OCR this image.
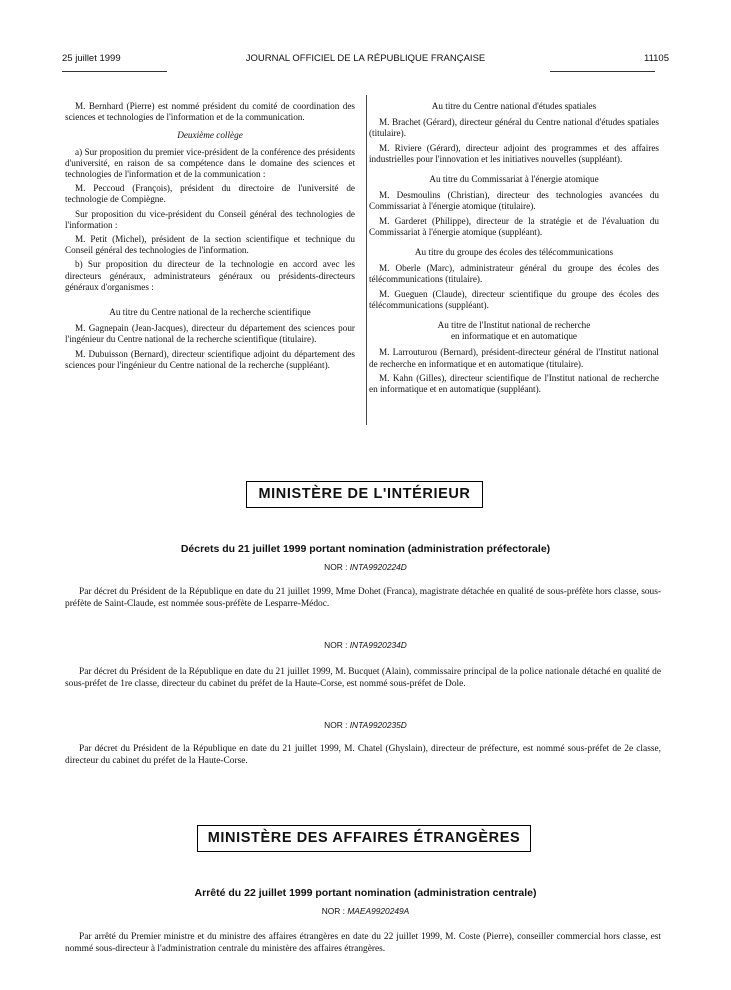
25 juillet 1999	JOURNAL OFFICIEL DE LA RÉPUBLIQUE FRANÇAISE	11105

M. Bernhard (Pierre) est nommé président du comité de coordination des sciences et technologies de l'information et de la communication.

Deuxième collège

a) Sur proposition du premier vice-président de la conférence des présidents d'université, en raison de sa compétence dans le domaine des sciences et technologies de l'information et de la communication :

M. Peccoud (François), président du directoire de l'université de technologie de Compiègne.

Sur proposition du vice-président du Conseil général des technologies de l'information :

M. Petit (Michel), président de la section scientifique et technique du Conseil général des technologies de l'information.

b) Sur proposition du directeur de la technologie en accord avec les directeurs généraux, administrateurs généraux ou présidents-directeurs généraux d'organismes :

Au titre du Centre national de la recherche scientifique

M. Gagnepain (Jean-Jacques), directeur du département des sciences pour l'ingénieur du Centre national de la recherche scientifique (titulaire).

M. Dubuisson (Bernard), directeur scientifique adjoint du département des sciences pour l'ingénieur du Centre national de la recherche (suppléant).

Au titre du Centre national d'études spatiales

M. Brachet (Gérard), directeur général du Centre national d'études spatiales (titulaire).

M. Riviere (Gérard), directeur adjoint des programmes et des affaires industrielles pour l'innovation et les initiatives nouvelles (suppléant).

Au titre du Commissariat à l'énergie atomique

M. Desmoulins (Christian), directeur des technologies avancées du Commissariat à l'énergie atomique (titulaire).

M. Garderet (Philippe), directeur de la stratégie et de l'évaluation du Commissariat à l'énergie atomique (suppléant).

Au titre du groupe des écoles des télécommunications

M. Oberle (Marc), administrateur général du groupe des écoles des télécommunications (titulaire).

M. Gueguen (Claude), directeur scientifique du groupe des écoles des télécommunications (suppléant).

Au titre de l'Institut national de recherche

en informatique et en automatique

M. Larrouturou (Bernard), président-directeur général de l'Institut national de recherche en informatique et en automatique (titulaire).

M. Kahn (Gilles), directeur scientifique de l'Institut national de recherche en informatique et en automatique (suppléant).

MINISTÈRE DE L'INTÉRIEUR
Décrets du 21 juillet 1999 portant nomination (administration préfectorale)
NOR : INTA9920224D
Par décret du Président de la République en date du 21 juillet 1999, Mme Dohet (Franca), magistrate détachée en qualité de sous-préfète hors classe, sous-préfète de Saint-Claude, est nommée sous-préfète de Lesparre-Médoc.
NOR : INTA9920234D
Par décret du Président de la République en date du 21 juillet 1999, M. Bucquet (Alain), commissaire principal de la police nationale détaché en qualité de sous-préfet de 1re classe, directeur du cabinet du préfet de la Haute-Corse, est nommé sous-préfet de Dole.
NOR : INTA9920235D
Par décret du Président de la République en date du 21 juillet 1999, M. Chatel (Ghyslain), directeur de préfecture, est nommé sous-préfet de 2e classe, directeur du cabinet du préfet de la Haute-Corse.
MINISTÈRE DES AFFAIRES ÉTRANGÈRES
Arrêté du 22 juillet 1999 portant nomination (administration centrale)
NOR : MAEA9920249A
Par arrêté du Premier ministre et du ministre des affaires étrangères en date du 22 juillet 1999, M. Coste (Pierre), conseiller commercial hors classe, est nommé sous-directeur à l'administration centrale du ministère des affaires étrangères.
